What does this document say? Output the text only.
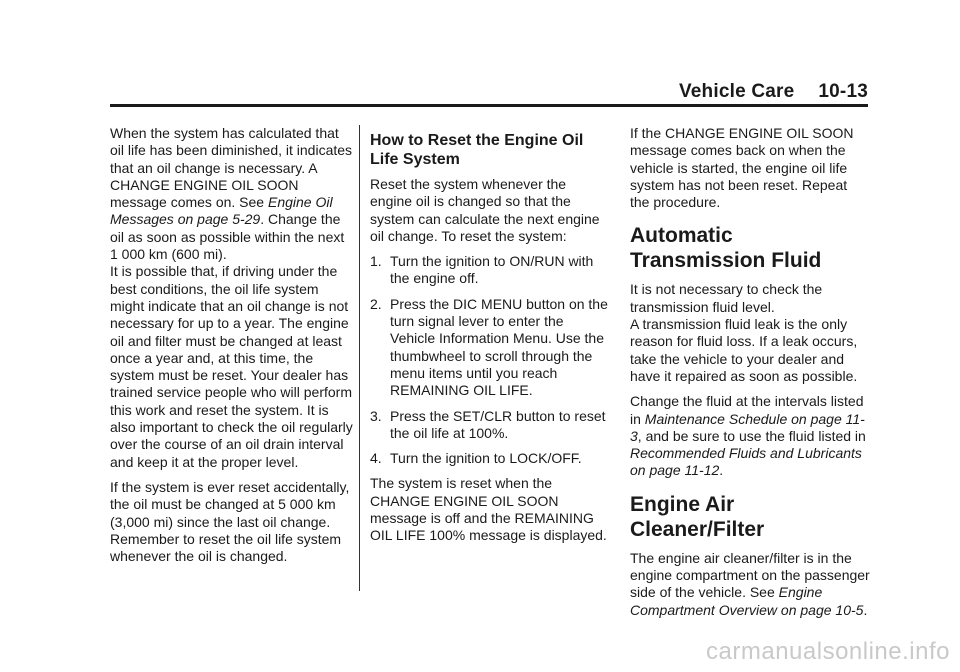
Vehicle Care 10-13

When the system has calculated that oil life has been diminished, it indicates that an oil change is necessary. A CHANGE ENGINE OIL SOON message comes on. See Engine Oil Messages on page 5-29. Change the oil as soon as possible within the next 1 000 km (600 mi).

It is possible that, if driving under the best conditions, the oil life system might indicate that an oil change is not necessary for up to a year. The engine oil and filter must be changed at least once a year and, at this time, the system must be reset. Your dealer has trained service people who will perform this work and reset the system. It is also important to check the oil regularly over the course of an oil drain interval and keep it at the proper level.

If the system is ever reset accidentally, the oil must be changed at 5 000 km (3,000 mi) since the last oil change.

Remember to reset the oil life system whenever the oil is changed.

How to Reset the Engine Oil Life System

Reset the system whenever the engine oil is changed so that the system can calculate the next engine oil change. To reset the system:

1. Turn the ignition to ON/RUN with the engine off.
2. Press the DIC MENU button on the turn signal lever to enter the Vehicle Information Menu. Use the thumbwheel to scroll through the menu items until you reach REMAINING OIL LIFE.
3. Press the SET/CLR button to reset the oil life at 100%.
4. Turn the ignition to LOCK/OFF.

The system is reset when the CHANGE ENGINE OIL SOON message is off and the REMAINING OIL LIFE 100% message is displayed.

If the CHANGE ENGINE OIL SOON message comes back on when the vehicle is started, the engine oil life system has not been reset. Repeat the procedure.

Automatic Transmission Fluid

It is not necessary to check the transmission fluid level.

A transmission fluid leak is the only reason for fluid loss. If a leak occurs, take the vehicle to your dealer and have it repaired as soon as possible.

Change the fluid at the intervals listed in Maintenance Schedule on page 11-3, and be sure to use the fluid listed in Recommended Fluids and Lubricants on page 11-12.

Engine Air Cleaner/Filter

The engine air cleaner/filter is in the engine compartment on the passenger side of the vehicle. See Engine Compartment Overview on page 10-5.

carmanualsonline.info
